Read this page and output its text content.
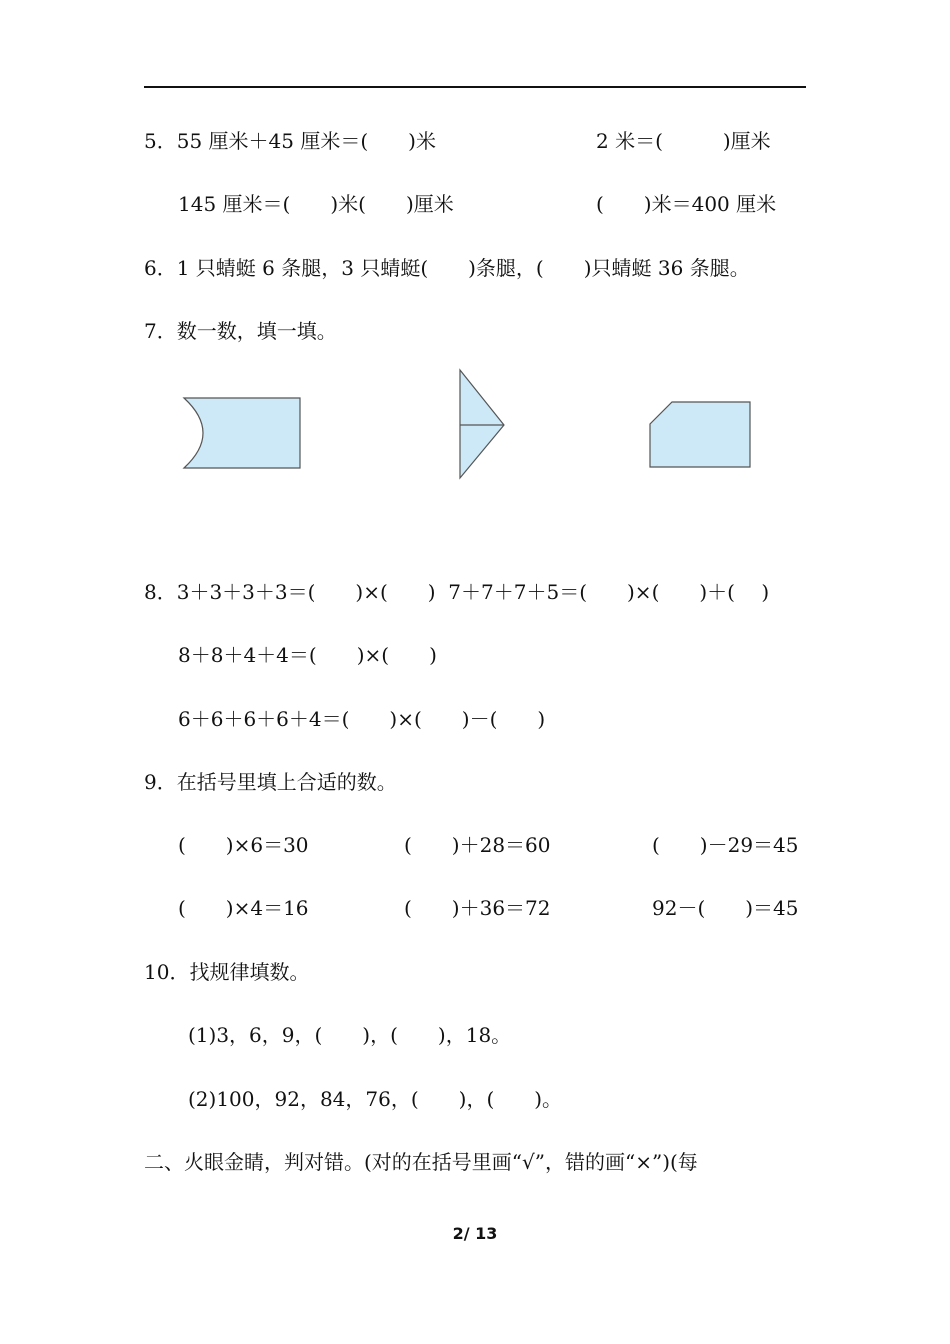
5．55 厘米＋45 厘米＝(　　)米	2 米＝(　　　)厘米
145 厘米＝(　　)米(　　)厘米	(　　)米＝400 厘米
6．1 只蜻蜓 6 条腿，3 只蜻蜓(　　)条腿，(　　)只蜻蜓 36 条腿。
7．数一数，填一填。
8．3＋3＋3＋3＝(　　)×(　　)  7＋7＋7＋5＝(　　)×(　　)＋(　 )
8＋8＋4＋4＝(　　)×(　　)
6＋6＋6＋6＋4＝(　　)×(　　)－(　　)
9．在括号里填上合适的数。
(　　)×6＝30	(　　)＋28＝60	(　　)－29＝45
(　　)×4＝16	(　　)＋36＝72	92－(　　)＝45
10．找规律填数。
(1)3，6，9，(　　)，(　　)，18。
(2)100，92，84，76，(　　)，(　　)。
二、火眼金睛，判对错。(对的在括号里画“√”，错的画“×”)(每
2/ 13
